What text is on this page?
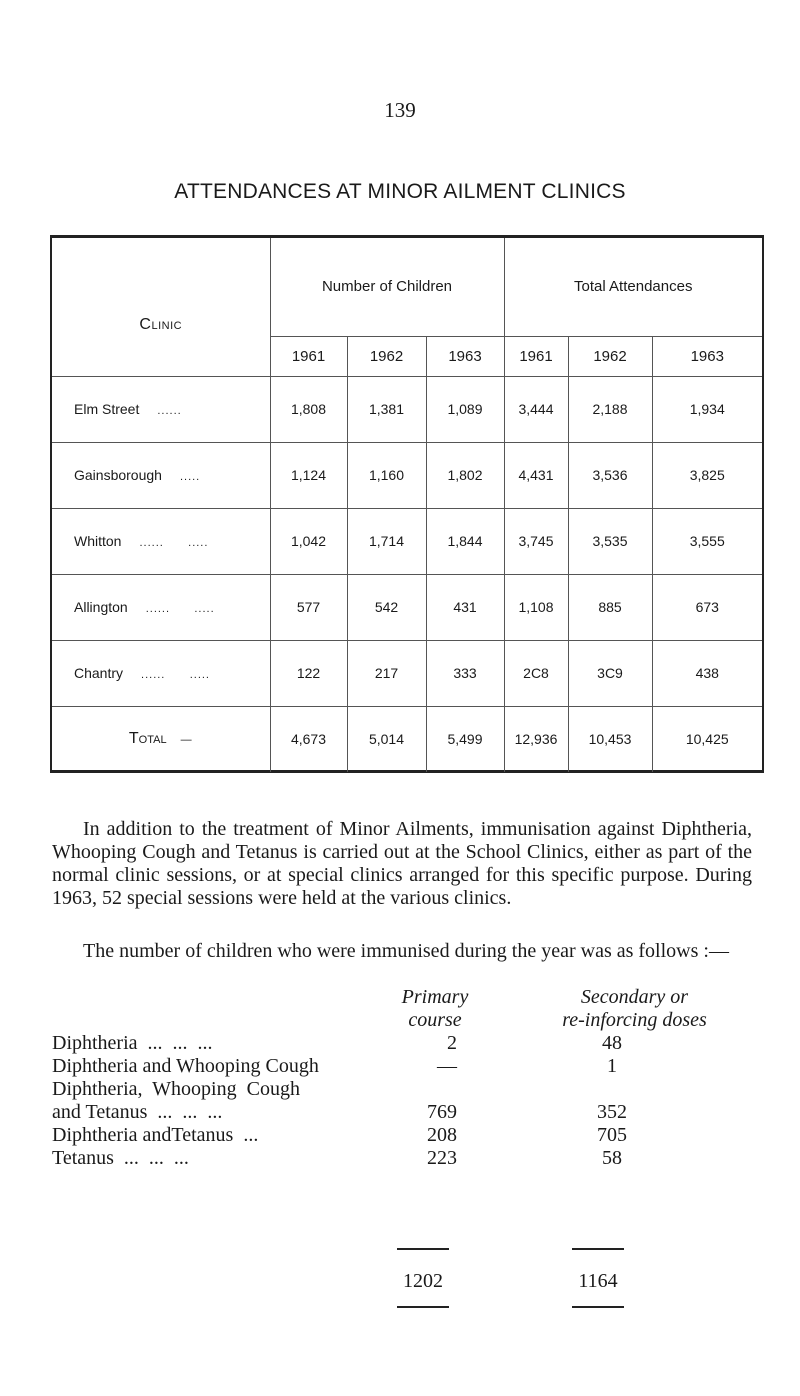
139
ATTENDANCES AT MINOR AILMENT CLINICS
Clinic	Number of Children			Total Attendances		
	1961	1962	1963	1961	1962	1963
Elm Street ......	1,808	1,381	1,089	3,444	2,188	1,934
Gainsborough .....	1,124	1,160	1,802	4,431	3,536	3,825
Whitton ......      .....	1,042	1,714	1,844	3,745	3,535	3,555
Allington ......      .....	577	542	431	1,108	885	673
Chantry ......      .....	122	217	333	2C8	3C9	438
Total —	4,673	5,014	5,499	12,936	10,453	10,425

In addition to the treatment of Minor Ailments, immunisation against Diphtheria, Whooping Cough and Tetanus is carried out at the School Clinics, either as part of the normal clinic sessions, or at special clinics arranged for this specific purpose. During 1963, 52 special sessions were held at the various clinics.

The number of children who were immunised during the year was as follows :—

Primary	Secondary or
course	re-inforcing doses
Diphtheria  ...  ...  ...	2	48
Diphtheria and Whooping Cough	—	1
Diphtheria,  Whooping  Cough
and Tetanus  ...  ...  ...	769	352
Diphtheria andTetanus  ...	208	705
Tetanus  ...  ...  ...	223	58
1202	1164
